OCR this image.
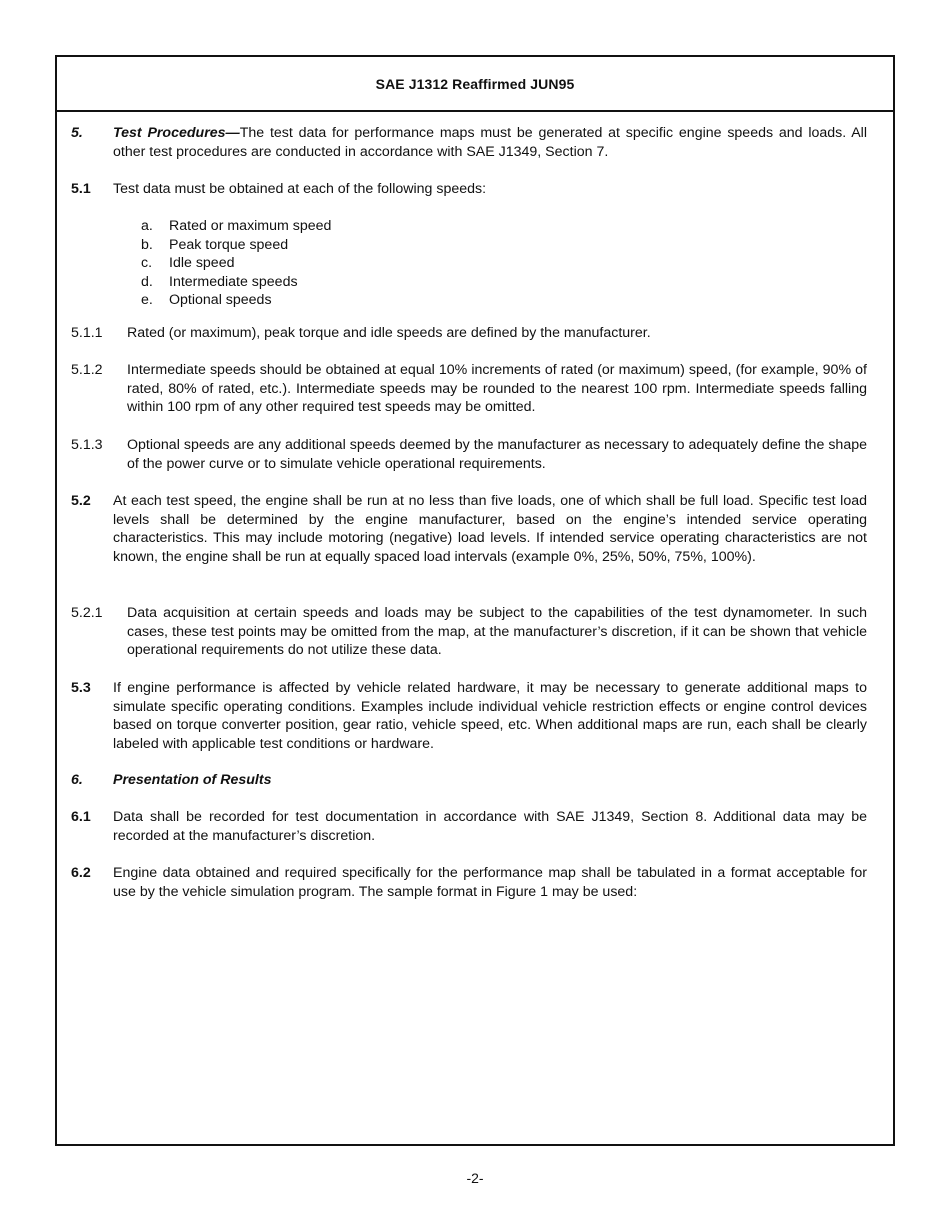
SAE J1312 Reaffirmed JUN95
5. Test Procedures—The test data for performance maps must be generated at specific engine speeds and loads. All other test procedures are conducted in accordance with SAE J1349, Section 7.
5.1 Test data must be obtained at each of the following speeds:
a. Rated or maximum speed
b. Peak torque speed
c. Idle speed
d. Intermediate speeds
e. Optional speeds
5.1.1 Rated (or maximum), peak torque and idle speeds are defined by the manufacturer.
5.1.2 Intermediate speeds should be obtained at equal 10% increments of rated (or maximum) speed, (for example, 90% of rated, 80% of rated, etc.). Intermediate speeds may be rounded to the nearest 100 rpm. Intermediate speeds falling within 100 rpm of any other required test speeds may be omitted.
5.1.3 Optional speeds are any additional speeds deemed by the manufacturer as necessary to adequately define the shape of the power curve or to simulate vehicle operational requirements.
5.2 At each test speed, the engine shall be run at no less than five loads, one of which shall be full load. Specific test load levels shall be determined by the engine manufacturer, based on the engine’s intended service operating characteristics. This may include motoring (negative) load levels. If intended service operating characteristics are not known, the engine shall be run at equally spaced load intervals (example 0%, 25%, 50%, 75%, 100%).
5.2.1 Data acquisition at certain speeds and loads may be subject to the capabilities of the test dynamometer. In such cases, these test points may be omitted from the map, at the manufacturer’s discretion, if it can be shown that vehicle operational requirements do not utilize these data.
5.3 If engine performance is affected by vehicle related hardware, it may be necessary to generate additional maps to simulate specific operating conditions. Examples include individual vehicle restriction effects or engine control devices based on torque converter position, gear ratio, vehicle speed, etc. When additional maps are run, each shall be clearly labeled with applicable test conditions or hardware.
6. Presentation of Results
6.1 Data shall be recorded for test documentation in accordance with SAE J1349, Section 8. Additional data may be recorded at the manufacturer’s discretion.
6.2 Engine data obtained and required specifically for the performance map shall be tabulated in a format acceptable for use by the vehicle simulation program. The sample format in Figure 1 may be used:
-2-
